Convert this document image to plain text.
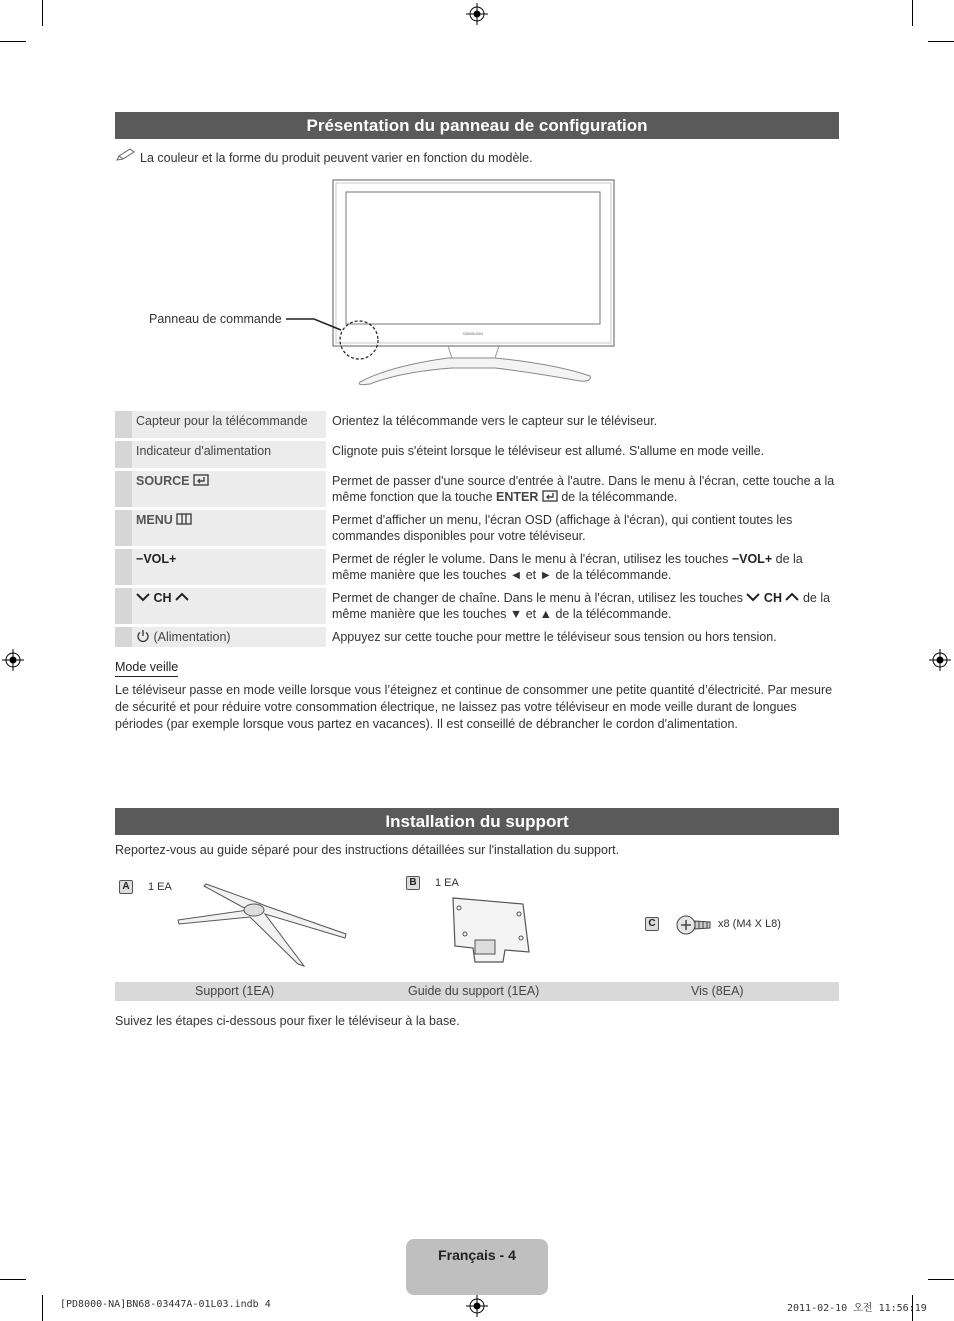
Présentation du panneau de configuration
La couleur et la forme du produit peuvent varier en fonction du modèle.
SAMSUNG
Panneau de commande
	Capteur pour la télécommande	Orientez la télécommande vers le capteur sur le téléviseur.
	Indicateur d'alimentation	Clignote puis s'éteint lorsque le téléviseur est allumé. S'allume en mode veille.
	SOURCE	Permet de passer d'une source d'entrée à l'autre. Dans le menu à l'écran, cette touche a la même fonction que la touche ENTER  de la télécommande.
	MENU	Permet d'afficher un menu, l'écran OSD (affichage à l'écran), qui contient toutes les commandes disponibles pour votre téléviseur.
	−VOL+	Permet de régler le volume. Dans le menu à l'écran, utilisez les touches −VOL+ de la même manière que les touches ◄ et ► de la télécommande.
	CH	Permet de changer de chaîne. Dans le menu à l'écran, utilisez les touches  CH  de la même manière que les touches ▼ et ▲ de la télécommande.
	(Alimentation)	Appuyez sur cette touche pour mettre le téléviseur sous tension ou hors tension.
Mode veille
Le téléviseur passe en mode veille lorsque vous l’éteignez et continue de consommer une petite quantité d’électricité. Par mesure de sécurité et pour réduire votre consommation électrique, ne laissez pas votre téléviseur en mode veille durant de longues périodes (par exemple lorsque vous partez en vacances). Il est conseillé de débrancher le cordon d'alimentation.
Installation du support
Reportez-vous au guide séparé pour des instructions détaillées sur l'installation du support.
A	1 EA	B	1 EA
C	x8 (M4 X L8)
Support (1EA)	Guide du support (1EA)	Vis (8EA)
Suivez les étapes ci-dessous pour fixer le téléviseur à la base.
Français - 4
[PD8000-NA]BN68-03447A-01L03.indb 4	2011-02-10 오전 11:56:19
